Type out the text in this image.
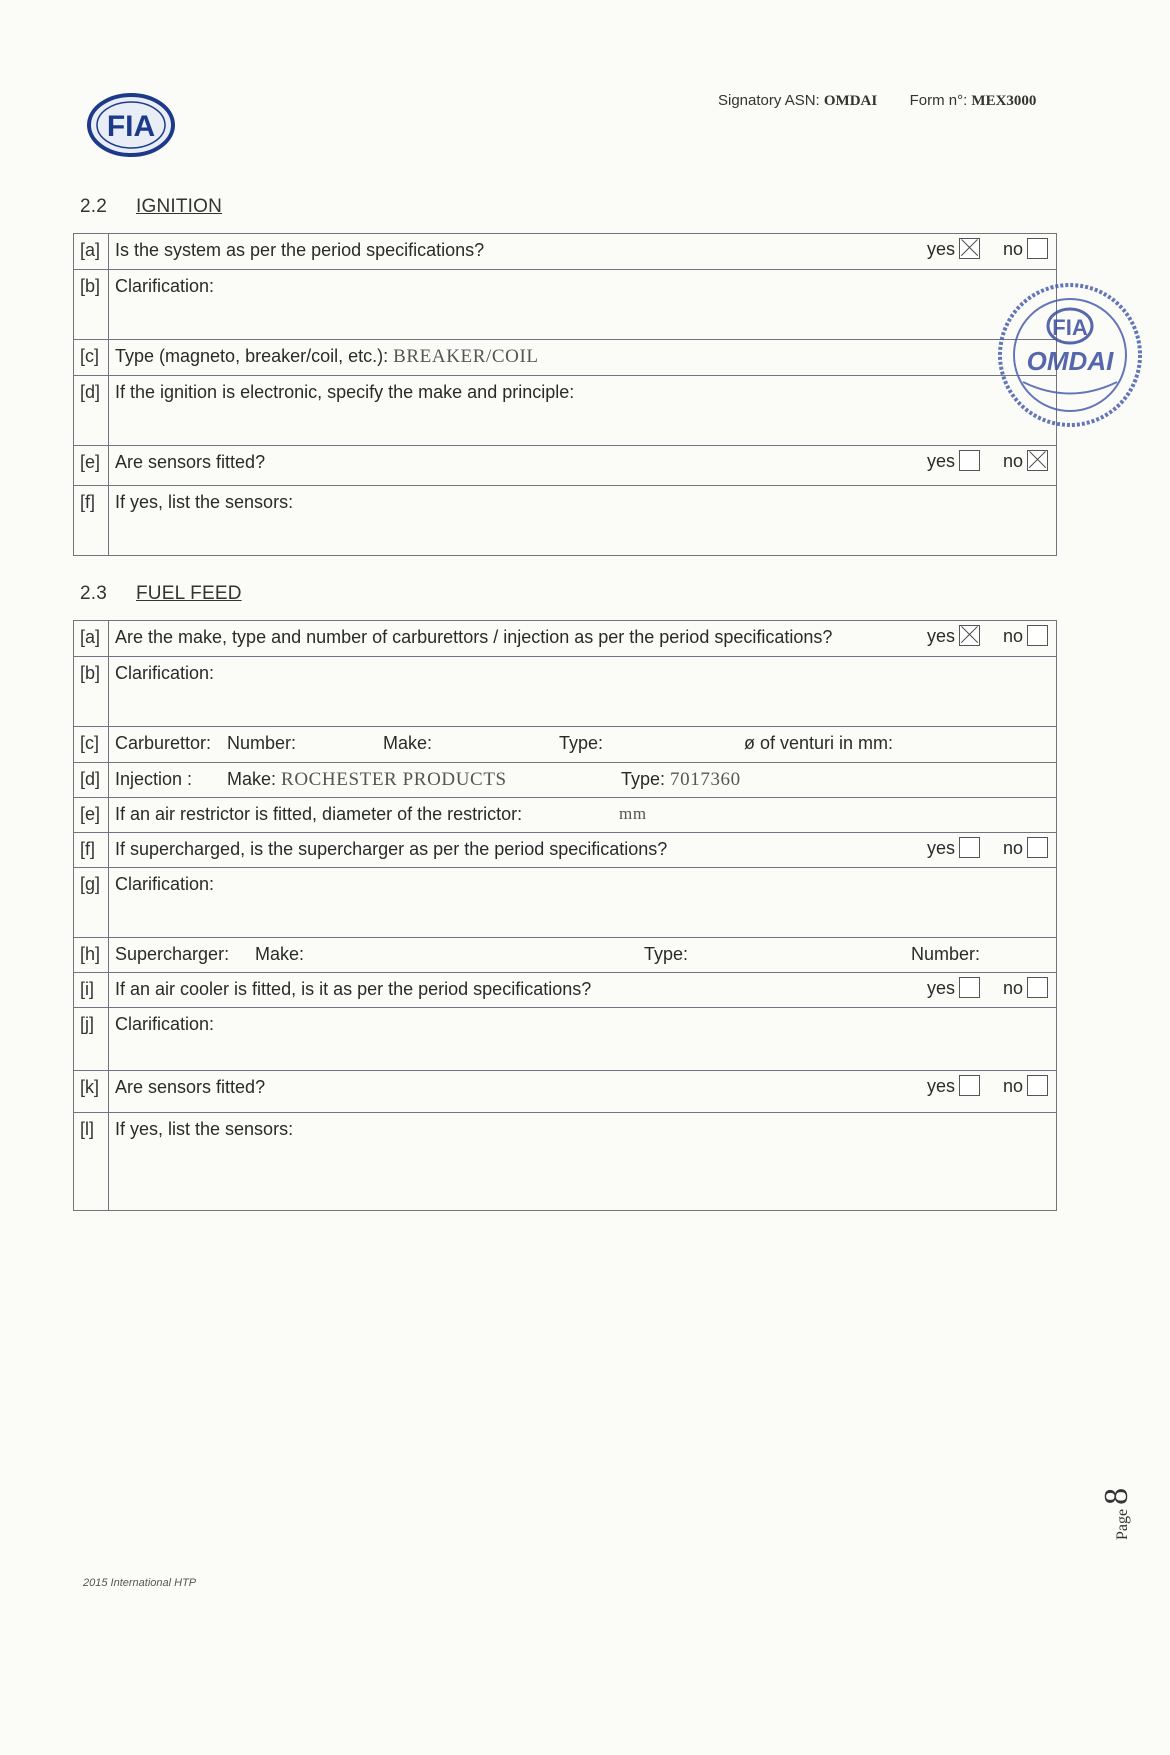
FIA
Signatory ASN: OMDAI Form n°: MEX3000
2.2 IGNITION
[a]	Is the system as per the period specifications? yes no

[b]	Clarification:
[c]	Type (magneto, breaker/coil, etc.): BREAKER/COIL
[d]	If the ignition is electronic, specify the make and principle:
[e]	Are sensors fitted? yes no

[f]	If yes, list the sensors:
FIA
OMDAI
2.3 FUEL FEED
[a]	Are the make, type and number of carburettors / injection as per the period specifications? yes no

[b]	Clarification:
[c]	Carburettor: Number: Make: Type: ø of venturi in mm:

[d]	Injection : Make: ROCHESTER PRODUCTS Type: 7017360

[e]	If an air restrictor is fitted, diameter of the restrictor: mm

[f]	If supercharged, is the supercharger as per the period specifications? yes no

[g]	Clarification:
[h]	Supercharger: Make: Type: Number:

[i]	If an air cooler is fitted, is it as per the period specifications? yes no

[j]	Clarification:
[k]	Are sensors fitted? yes no

[l]	If yes, list the sensors:
Page 8
2015 International HTP
